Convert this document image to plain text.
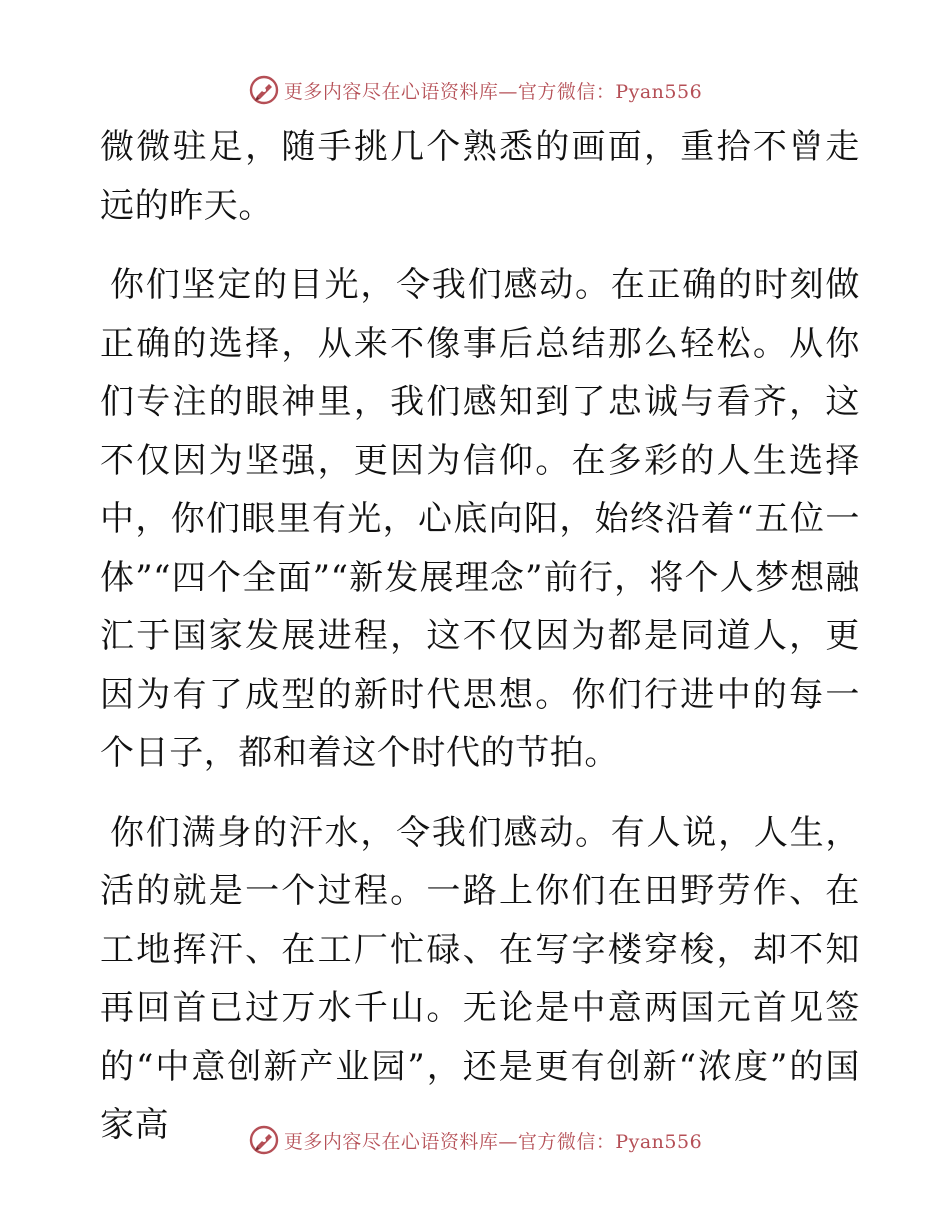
更多内容尽在心语资料库—官方微信：Pyan556

微微驻足，随手挑几个熟悉的画面，重拾不曾走远的昨天。

你们坚定的目光，令我们感动。在正确的时刻做正确的选择，从来不像事后总结那么轻松。从你们专注的眼神里，我们感知到了忠诚与看齐，这不仅因为坚强，更因为信仰。在多彩的人生选择中，你们眼里有光，心底向阳，始终沿着“五位一体”“四个全面”“新发展理念”前行，将个人梦想融汇于国家发展进程，这不仅因为都是同道人，更因为有了成型的新时代思想。你们行进中的每一个日子，都和着这个时代的节拍。

你们满身的汗水，令我们感动。有人说，人生，活的就是一个过程。一路上你们在田野劳作、在工地挥汗、在工厂忙碌、在写字楼穿梭，却不知再回首已过万水千山。无论是中意两国元首见签的“中意创新产业园”，还是更有创新“浓度”的国家高	更多内容尽在心语资料库—官方微信：Pyan556
